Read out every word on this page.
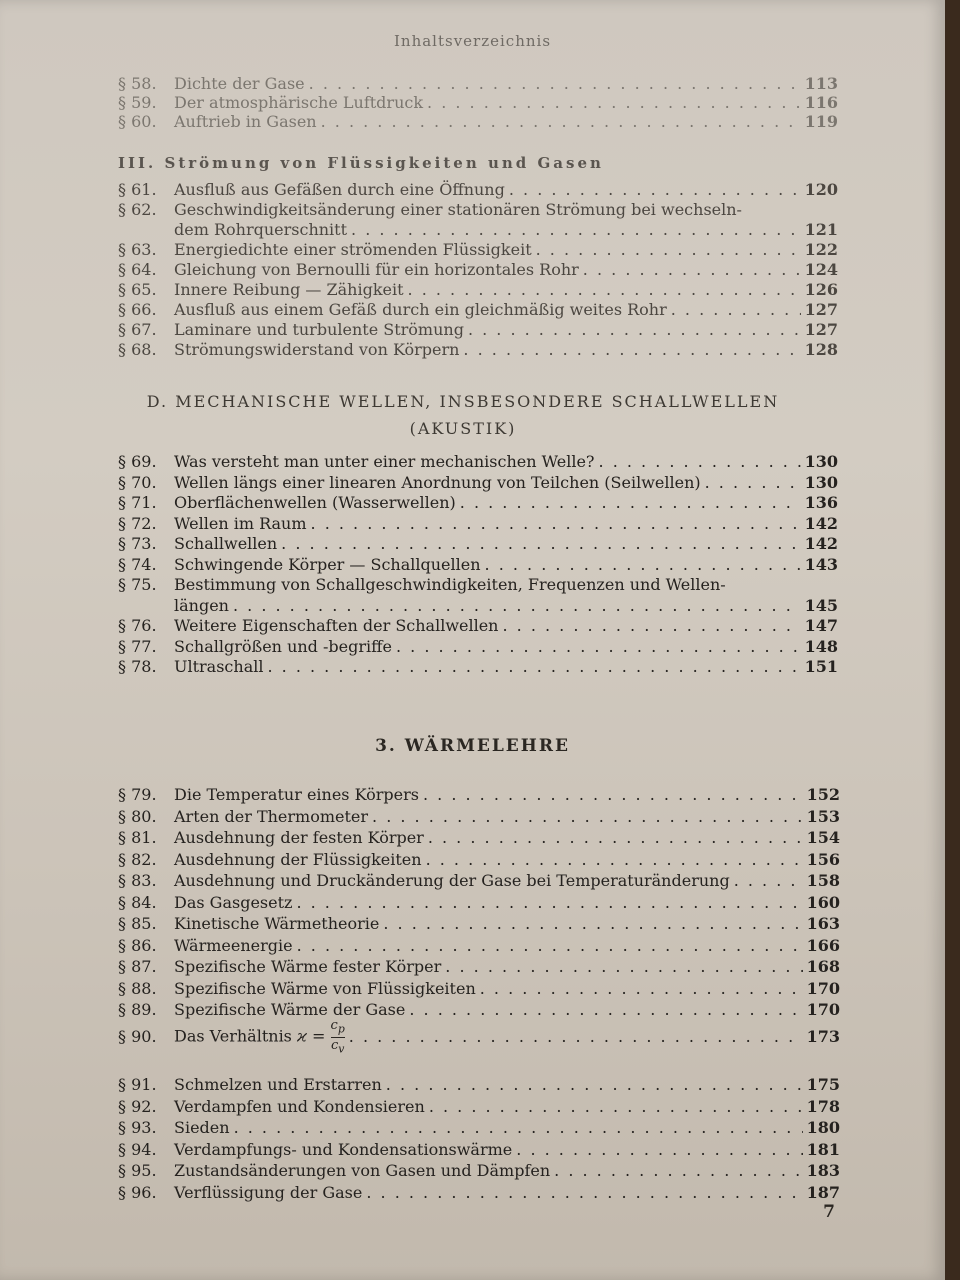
Inhaltsverzeichnis
§ 58.	Dichte der Gase . . .	113
§ 59.	Der atmosphärische Luftdruck . . .	116
§ 60.	Auftrieb in Gasen . . .	119
III. Strömung von Flüssigkeiten und Gasen
§ 61.	Ausfluß aus Gefäßen durch eine Öffnung . . .	120
§ 62.	Geschwindigkeitsänderung einer stationären Strömung bei wechseln-
dem Rohrquerschnitt . . .	121
§ 63.	Energiedichte einer strömenden Flüssigkeit . . .	122
§ 64.	Gleichung von Bernoulli für ein horizontales Rohr . . .	124
§ 65.	Innere Reibung — Zähigkeit . . .	126
§ 66.	Ausfluß aus einem Gefäß durch ein gleichmäßig weites Rohr . . .	127
§ 67.	Laminare und turbulente Strömung . . .	127
§ 68.	Strömungswiderstand von Körpern . . .	128
D. MECHANISCHE WELLEN, INSBESONDERE SCHALLWELLEN
(AKUSTIK)
§ 69.	Was versteht man unter einer mechanischen Welle? . . .	130
§ 70.	Wellen längs einer linearen Anordnung von Teilchen (Seilwellen) . . .	130
§ 71.	Oberflächenwellen (Wasserwellen) . . .	136
§ 72.	Wellen im Raum . . .	142
§ 73.	Schallwellen . . .	142
§ 74.	Schwingende Körper — Schallquellen . . .	143
§ 75.	Bestimmung von Schallgeschwindigkeiten, Frequenzen und Wellen-
längen . . .	145
§ 76.	Weitere Eigenschaften der Schallwellen . . .	147
§ 77.	Schallgrößen und -begriffe . . .	148
§ 78.	Ultraschall . . .	151
3. WÄRMELEHRE
§ 79.	Die Temperatur eines Körpers . . .	152
§ 80.	Arten der Thermometer . . .	153
§ 81.	Ausdehnung der festen Körper . . .	154
§ 82.	Ausdehnung der Flüssigkeiten . . .	156
§ 83.	Ausdehnung und Druckänderung der Gase bei Temperaturänderung . . .	158
§ 84.	Das Gasgesetz . . .	160
§ 85.	Kinetische Wärmetheorie . . .	163
§ 86.	Wärmeenergie . . .	166
§ 87.	Spezifische Wärme fester Körper . . .	168
§ 88.	Spezifische Wärme von Flüssigkeiten . . .	170
§ 89.	Spezifische Wärme der Gase . . .	170
§ 90.	Das Verhältnis $ϰ = \frac{c_p}{c_v}$ . . .	173
§ 91.	Schmelzen und Erstarren . . .	175
§ 92.	Verdampfen und Kondensieren . . .	178
§ 93.	Sieden . . .	180
§ 94.	Verdampfungs- und Kondensationswärme . . .	181
§ 95.	Zustandsänderungen von Gasen und Dämpfen . . .	183
§ 96.	Verflüssigung der Gase . . .	187
7
